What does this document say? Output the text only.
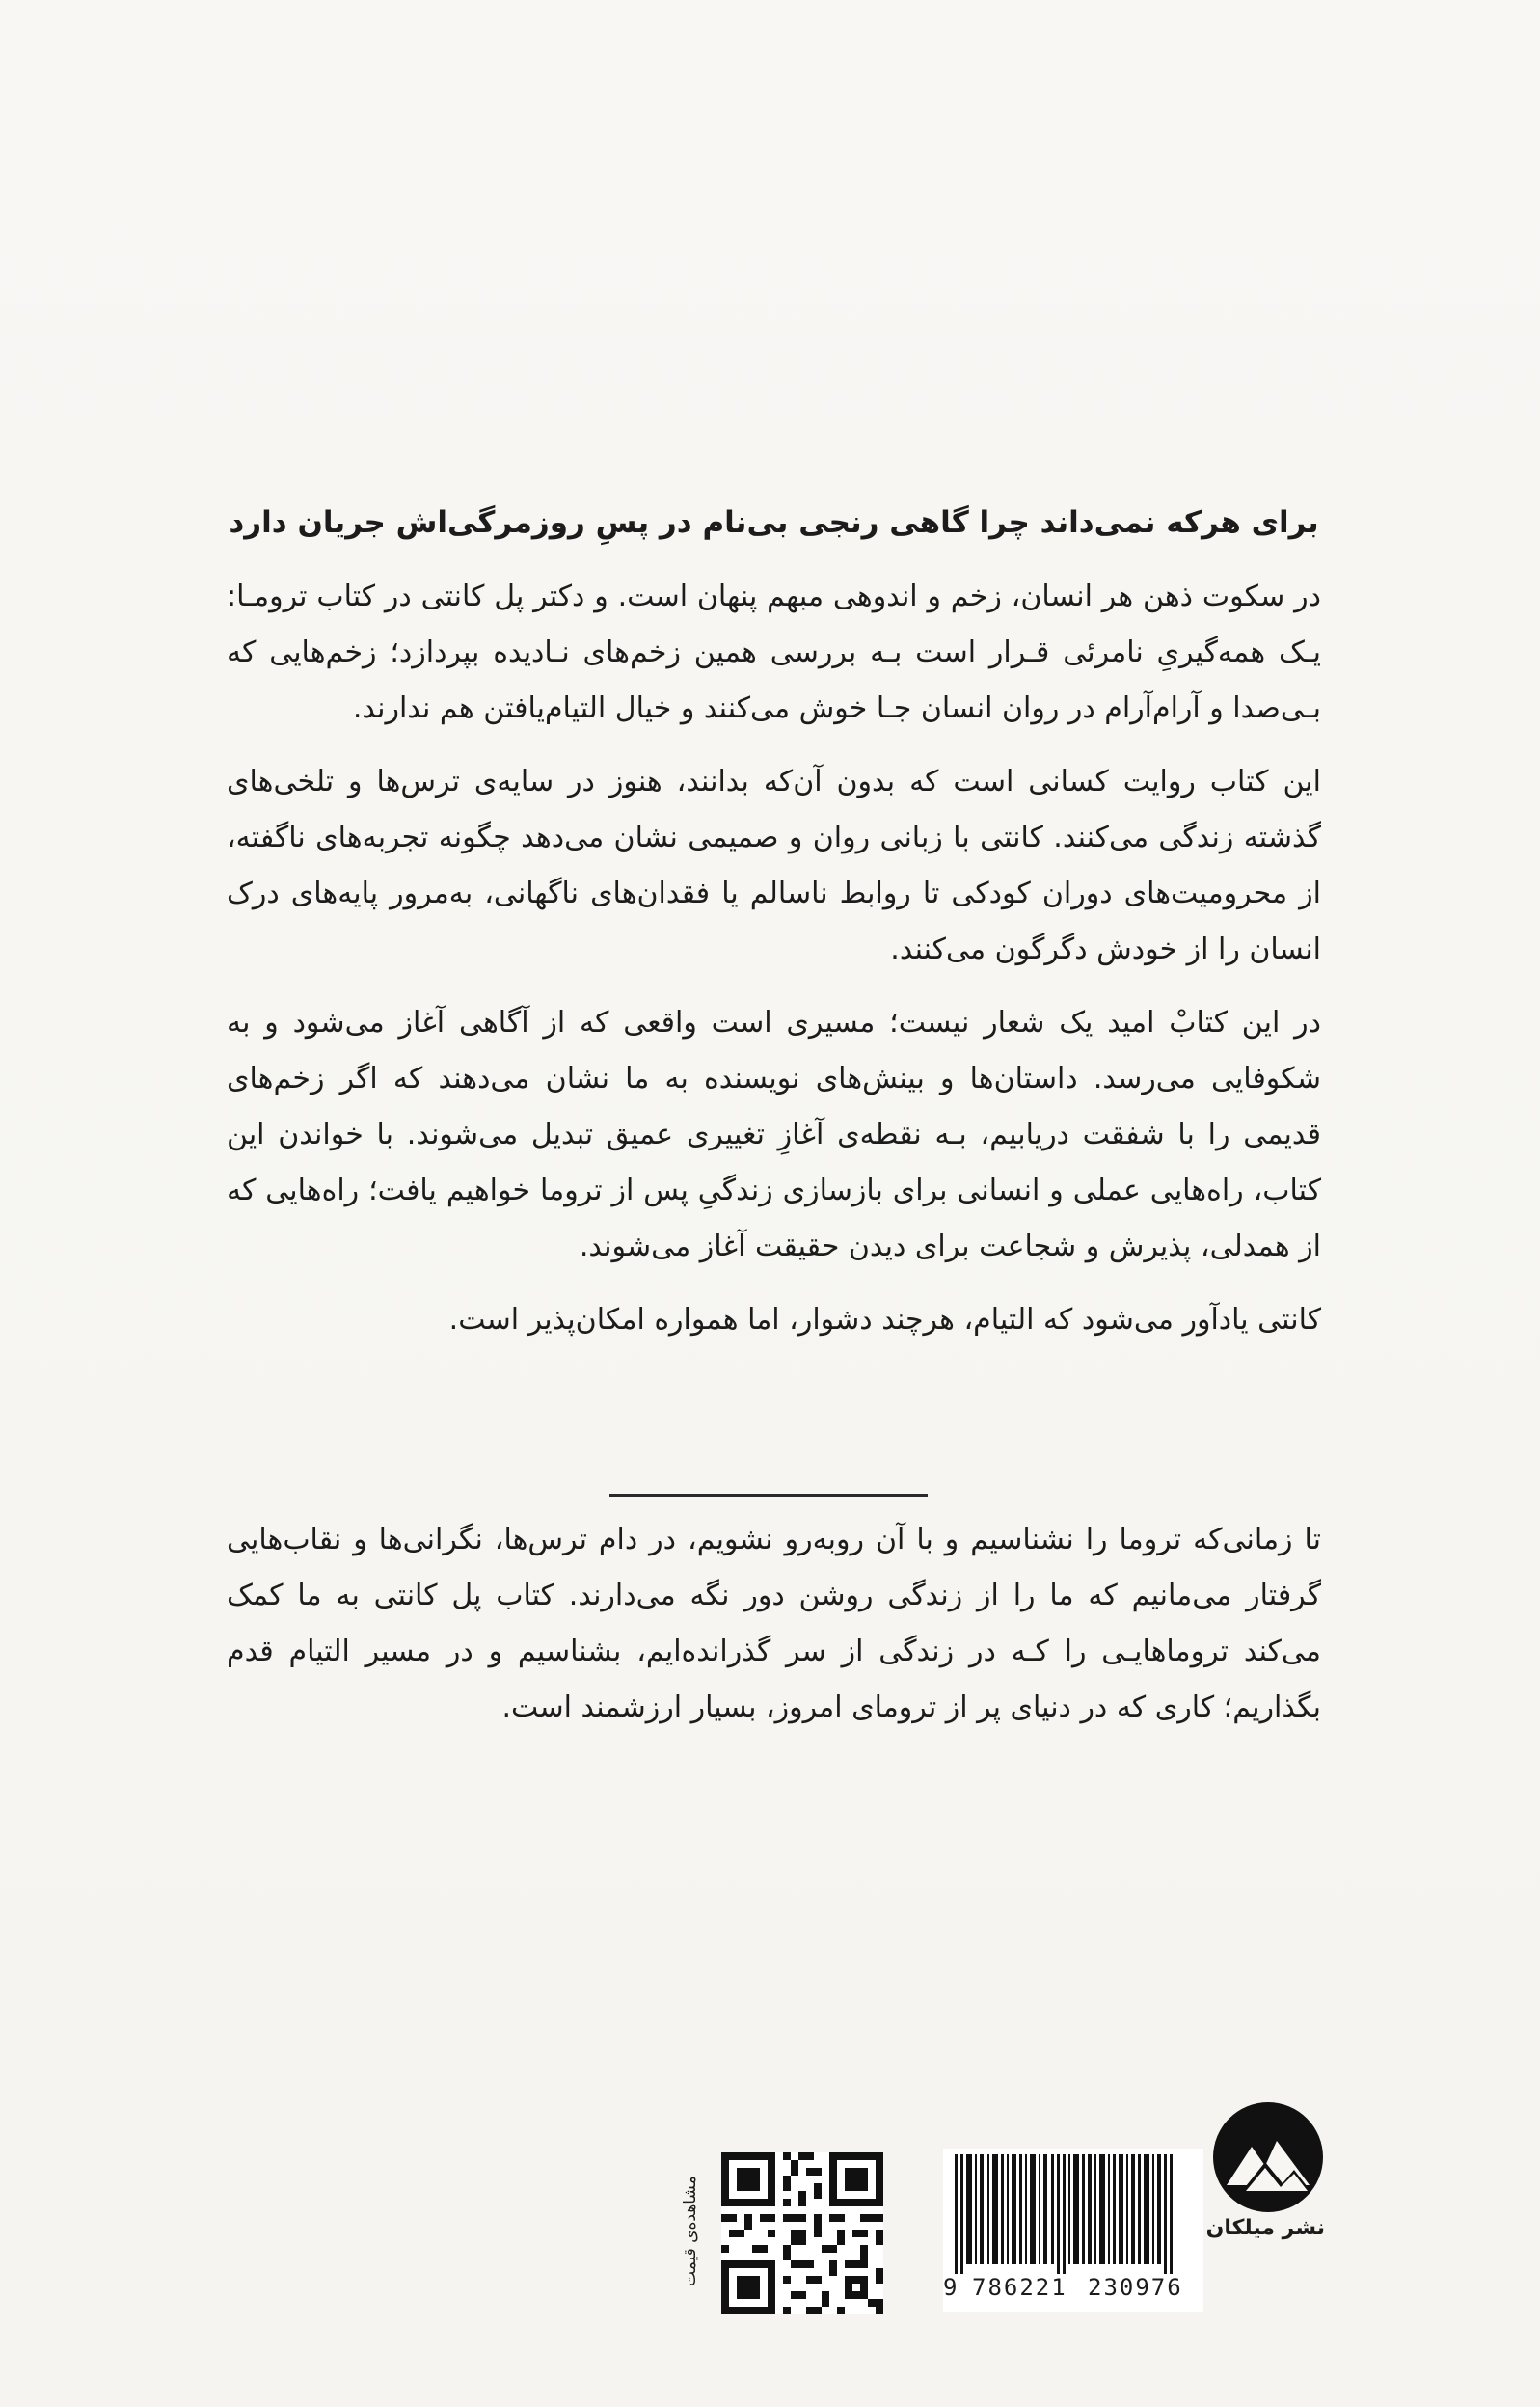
برای هرکه نمی‌داند چرا گاهی رنجی بی‌نام در پسِ روزمرگی‌اش جریان دارد

در سکوت ذهن هر انسان، زخم و اندوهی مبهم پنهان است. و دکتر پل کانتی در کتاب ترومـا: یـک همه‌گیریِ نامرئی قـرار است بـه بررسی همین زخم‌های نـادیده بپردازد؛ زخم‌هایی که بـی‌صدا و آرام‌آرام در روان انسان جـا خوش می‌کنند و خیال التیام‌یافتن هم ندارند.

این کتاب روایت کسانی است که بدون آن‌که بدانند، هنوز در سایه‌ی ترس‌ها و تلخی‌های گذشته زندگی می‌کنند. کانتی با زبانی روان و صمیمی نشان می‌دهد چگونه تجربه‌های ناگفته، از محرومیت‌های دوران کودکی تا روابط ناسالم یا فقدان‌های ناگهانی، به‌مرور پایه‌های درک انسان را از خودش دگرگون می‌کنند.

در این کتابْ امید یک شعار نیست؛ مسیری است واقعی که از آگاهی آغاز می‌شود و به شکوفایی می‌رسد. داستان‌ها و بینش‌های نویسنده به ما نشان می‌دهند که اگر زخم‌های قدیمی را با شفقت دریابیم، بـه نقطه‌ی آغازِ تغییری عمیق تبدیل می‌شوند. با خواندن این کتاب، راه‌هایی عملی و انسانی برای بازسازی زندگیِ پس از تروما خواهیم یافت؛ راه‌هایی که از همدلی، پذیرش و شجاعت برای دیدن حقیقت آغاز می‌شوند.

کانتی یادآور می‌شود که التیام، هرچند دشوار، اما همواره امکان‌پذیر است.

تا زمانی‌که تروما را نشناسیم و با آن روبه‌رو نشویم، در دام ترس‌ها، نگرانی‌ها و نقاب‌هایی گرفتار می‌مانیم که ما را از زندگی روشن دور نگه می‌دارند. کتاب پل کانتی به ما کمک می‌کند تروماهایـی را کـه در زندگی از سر گذرانده‌ایم، بشناسیم و در مسیر التیام قدم بگذاریم؛ کاری که در دنیای پر از ترومای امروز، بسیار ارزشمند است.

نشر میلکان
9 786221 230976
مشاهده‌ی قیمت
